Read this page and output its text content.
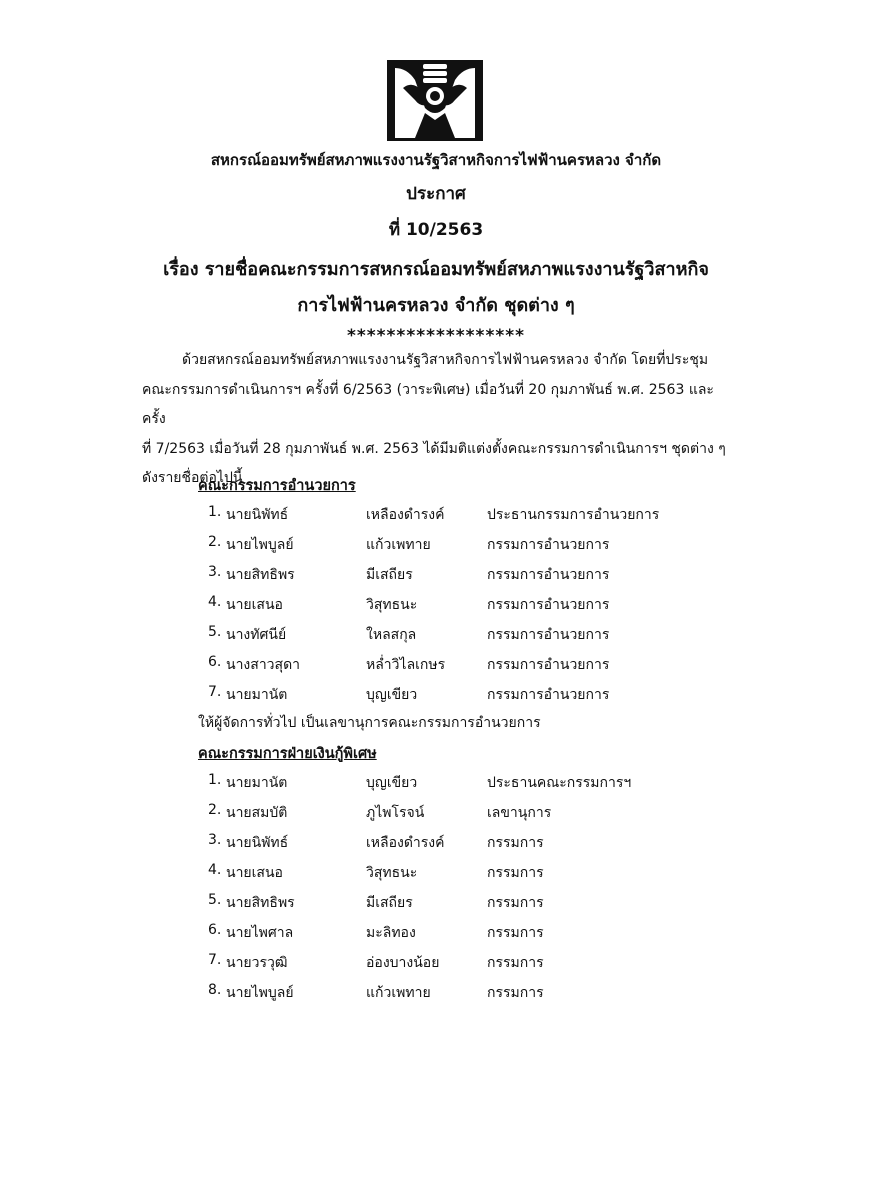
สหกรณ์ออมทรัพย์สหภาพแรงงานรัฐวิสาหกิจการไฟฟ้านครหลวง จำกัด
ประกาศ
ที่ 10/2563
เรื่อง รายชื่อคณะกรรมการสหกรณ์ออมทรัพย์สหภาพแรงงานรัฐวิสาหกิจ
การไฟฟ้านครหลวง จำกัด ชุดต่าง ๆ
******************
ด้วยสหกรณ์ออมทรัพย์สหภาพแรงงานรัฐวิสาหกิจการไฟฟ้านครหลวง จำกัด โดยที่ประชุม
คณะกรรมการดำเนินการฯ ครั้งที่ 6/2563 (วาระพิเศษ) เมื่อวันที่ 20 กุมภาพันธ์ พ.ศ. 2563 และครั้ง
ที่ 7/2563 เมื่อวันที่ 28 กุมภาพันธ์ พ.ศ. 2563 ได้มีมติแต่งตั้งคณะกรรมการดำเนินการฯ ชุดต่าง ๆ
ดังรายชื่อต่อไปนี้
คณะกรรมการอำนวยการ
1. นายนิพัทธ์	เหลืองดำรงค์	ประธานกรรมการอำนวยการ
2. นายไพบูลย์	แก้วเพทาย	กรรมการอำนวยการ
3. นายสิทธิพร	มีเสถียร	กรรมการอำนวยการ
4. นายเสนอ	วิสุทธนะ	กรรมการอำนวยการ
5. นางทัศนีย์	ใหลสกุล	กรรมการอำนวยการ
6. นางสาวสุดา	หล่ำวิไลเกษร	กรรมการอำนวยการ
7. นายมานัต	บุญเขียว	กรรมการอำนวยการ
ให้ผู้จัดการทั่วไป เป็นเลขานุการคณะกรรมการอำนวยการ
คณะกรรมการฝ่ายเงินกู้พิเศษ
1. นายมานัต	บุญเขียว	ประธานคณะกรรมการฯ
2. นายสมบัติ	ภูไพโรจน์	เลขานุการ
3. นายนิพัทธ์	เหลืองดำรงค์	กรรมการ
4. นายเสนอ	วิสุทธนะ	กรรมการ
5. นายสิทธิพร	มีเสถียร	กรรมการ
6. นายไพศาล	มะลิทอง	กรรมการ
7. นายวรวุฒิ	อ่องบางน้อย	กรรมการ
8. นายไพบูลย์	แก้วเพทาย	กรรมการ
